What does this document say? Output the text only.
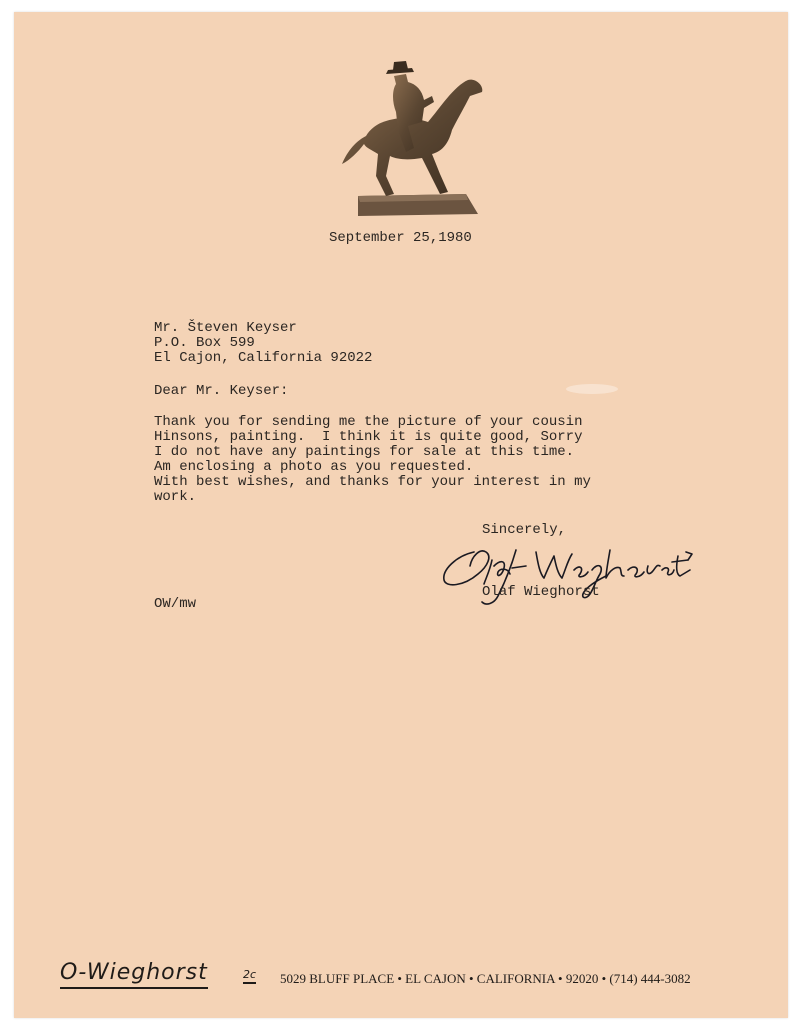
September 25,1980
Mr. Števen Keyser
P.O. Box 599
El Cajon, California 92022
Dear Mr. Keyser:
Thank you for sending me the picture of your cousin
Hinsons, painting.  I think it is quite good, Sorry
I do not have any paintings for sale at this time.
Am enclosing a photo as you requested.
With best wishes, and thanks for your interest in my
work.
Sincerely,
Olaf Wieghorst
OW/mw
O-Wieghorst	2c 5029 BLUFF PLACE • EL CAJON • CALIFORNIA • 92020 • (714) 444-3082
